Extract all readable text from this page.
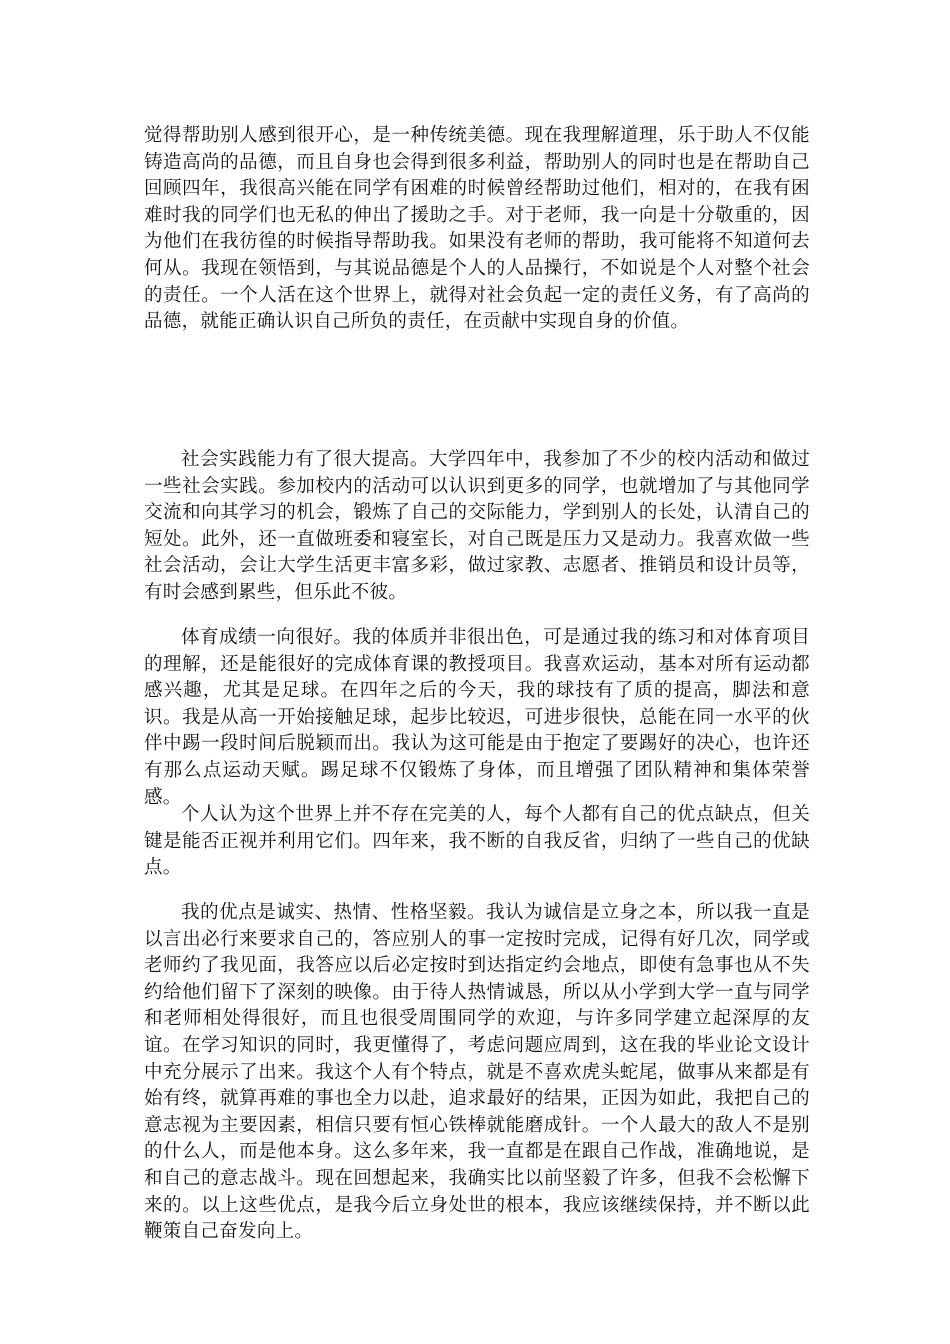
觉得帮助别人感到很开心，是一种传统美德。现在我理解道理，乐于助人不仅能铸造高尚的品德，而且自身也会得到很多利益，帮助别人的同时也是在帮助自己回顾四年，我很高兴能在同学有困难的时候曾经帮助过他们，相对的，在我有困难时我的同学们也无私的伸出了援助之手。对于老师，我一向是十分敬重的，因为他们在我彷徨的时候指导帮助我。如果没有老师的帮助，我可能将不知道何去何从。我现在领悟到，与其说品德是个人的人品操行，不如说是个人对整个社会的责任。一个人活在这个世界上，就得对社会负起一定的责任义务，有了高尚的品德，就能正确认识自己所负的责任，在贡献中实现自身的价值。

社会实践能力有了很大提高。大学四年中，我参加了不少的校内活动和做过一些社会实践。参加校内的活动可以认识到更多的同学，也就增加了与其他同学交流和向其学习的机会，锻炼了自己的交际能力，学到别人的长处，认清自己的短处。此外，还一直做班委和寝室长，对自己既是压力又是动力。我喜欢做一些社会活动，会让大学生活更丰富多彩，做过家教、志愿者、推销员和设计员等，有时会感到累些，但乐此不彼。

体育成绩一向很好。我的体质并非很出色，可是通过我的练习和对体育项目的理解，还是能很好的完成体育课的教授项目。我喜欢运动，基本对所有运动都感兴趣，尤其是足球。在四年之后的今天，我的球技有了质的提高，脚法和意识。我是从高一开始接触足球，起步比较迟，可进步很快，总能在同一水平的伙伴中踢一段时间后脱颖而出。我认为这可能是由于抱定了要踢好的决心，也许还有那么点运动天赋。踢足球不仅锻炼了身体，而且增强了团队精神和集体荣誉感。

个人认为这个世界上并不存在完美的人，每个人都有自己的优点缺点，但关键是能否正视并利用它们。四年来，我不断的自我反省，归纳了一些自己的优缺点。

我的优点是诚实、热情、性格坚毅。我认为诚信是立身之本，所以我一直是以言出必行来要求自己的，答应别人的事一定按时完成，记得有好几次，同学或老师约了我见面，我答应以后必定按时到达指定约会地点，即使有急事也从不失约给他们留下了深刻的映像。由于待人热情诚恳，所以从小学到大学一直与同学和老师相处得很好，而且也很受周围同学的欢迎，与许多同学建立起深厚的友谊。在学习知识的同时，我更懂得了，考虑问题应周到，这在我的毕业论文设计中充分展示了出来。我这个人有个特点，就是不喜欢虎头蛇尾，做事从来都是有始有终，就算再难的事也全力以赴，追求最好的结果，正因为如此，我把自己的意志视为主要因素，相信只要有恒心铁棒就能磨成针。一个人最大的敌人不是别的什么人，而是他本身。这么多年来，我一直都是在跟自己作战，准确地说，是和自己的意志战斗。现在回想起来，我确实比以前坚毅了许多，但我不会松懈下来的。以上这些优点，是我今后立身处世的根本，我应该继续保持，并不断以此鞭策自己奋发向上。
